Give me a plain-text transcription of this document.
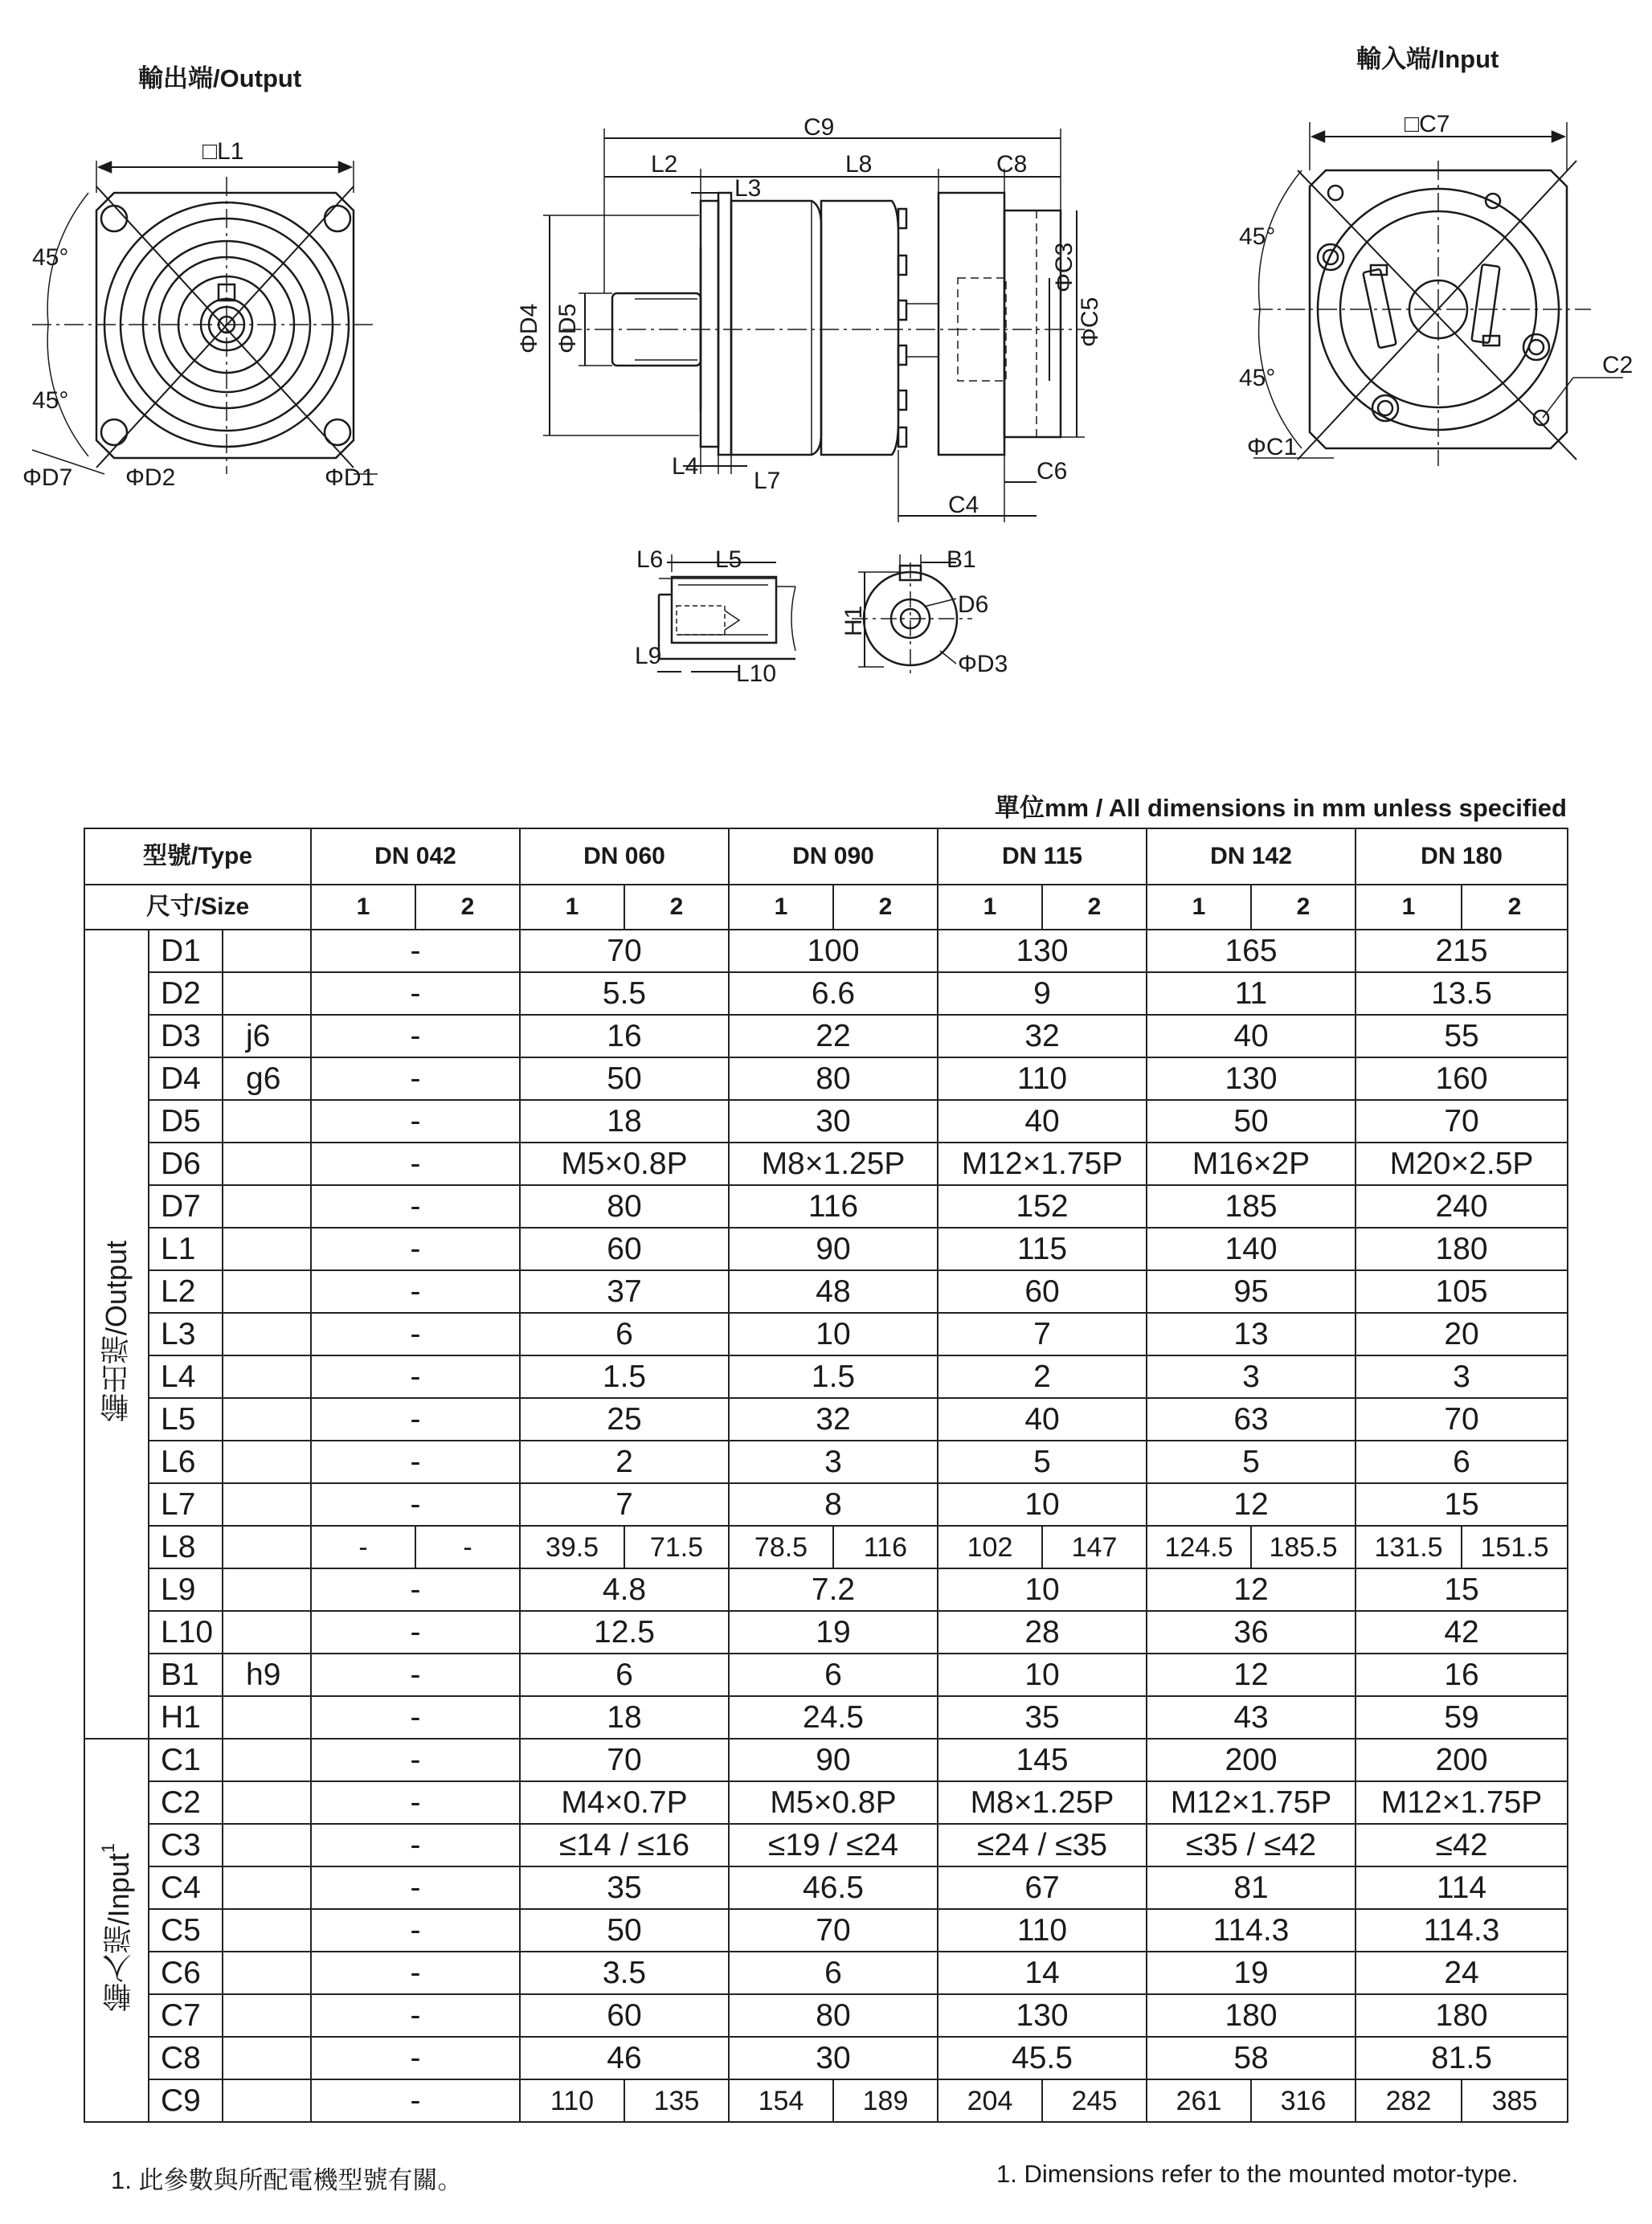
輸出端/Output
輸入端/Input
□L1
45°
45°
ΦD7 ΦD2	ΦD1
C9
L2
L3
L8	C8
ΦD4 ΦD5
ΦC3
ΦC5
L4
L7	C6
C4
L6 L5
L9
L10
B1
H1
D6
ΦD3
□C7
45°
45°	C2
ΦC1
單位mm / All dimensions in mm unless specified
型號/Type			DN 042		DN 060		DN 090		DN 115		DN 142		DN 180	
尺寸/Size			1	2	1	2	1	2	1	2	1	2	1	2
輸出端/Output	D1		-		70		100		130		165		215	
	D2		-		5.5		6.6		9		11		13.5	
	D3	j6	-		16		22		32		40		55	
	D4	g6	-		50		80		110		130		160	
	D5		-		18		30		40		50		70	
	D6		-		M5×0.8P		M8×1.25P		M12×1.75P		M16×2P		M20×2.5P	
	D7		-		80		116		152		185		240	
	L1		-		60		90		115		140		180	
	L2		-		37		48		60		95		105	
	L3		-		6		10		7		13		20	
	L4		-		1.5		1.5		2		3		3	
	L5		-		25		32		40		63		70	
	L6		-		2		3		5		5		6	
	L7		-		7		8		10		12		15	
	L8		-	-	39.5	71.5	78.5	116	102	147	124.5	185.5	131.5	151.5
	L9		-		4.8		7.2		10		12		15	
	L10		-		12.5		19		28		36		42	
	B1	h9	-		6		6		10		12		16	
	H1		-		18		24.5		35		43		59	
輸入端/Input$^1$	C1		-		70		90		145		200		200	
	C2		-		M4×0.7P		M5×0.8P		M8×1.25P		M12×1.75P		M12×1.75P	
	C3		-		≤14 / ≤16		≤19 / ≤24		≤24 / ≤35		≤35 / ≤42		≤42	
	C4		-		35		46.5		67		81		114	
	C5		-		50		70		110		114.3		114.3	
	C6		-		3.5		6		14		19		24	
	C7		-		60		80		130		180		180	
	C8		-		46		30		45.5		58		81.5	
	C9		-		110	135	154	189	204	245	261	316	282	385
1. 此參數與所配電機型號有關。	1. Dimensions refer to the mounted motor-type.
